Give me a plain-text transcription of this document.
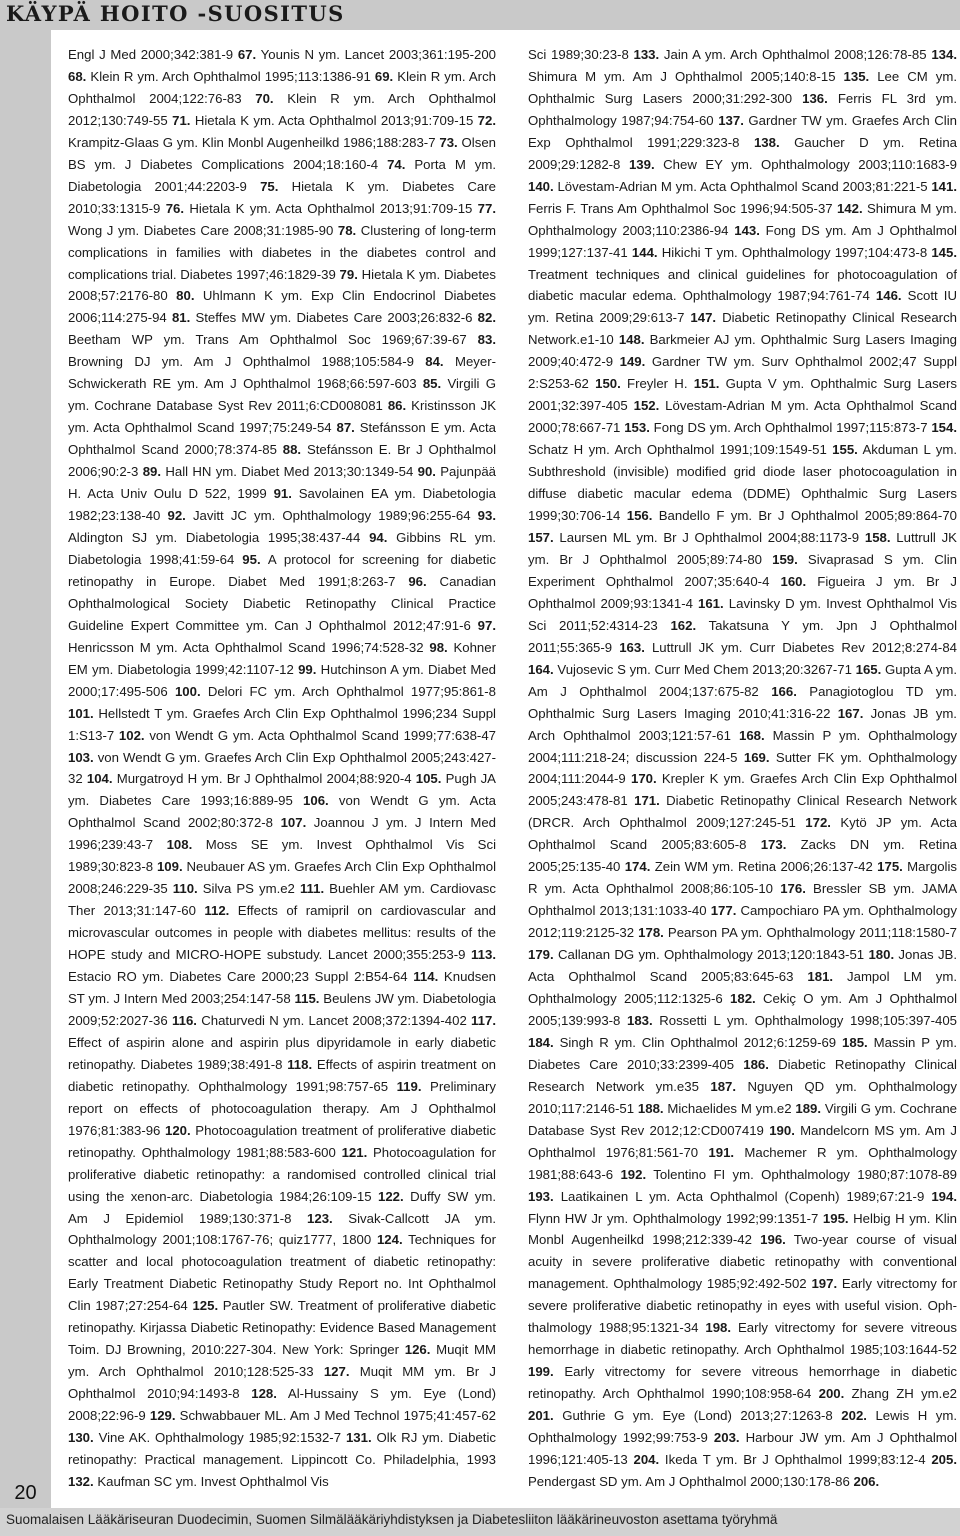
KÄYPÄ HOITO -SUOSITUS
20
Engl J Med 2000;342:381-9 67. Younis N ym. Lancet 2003;361:195-200 68. Klein R ym. Arch Ophthalmol 1995;113:1386-91 69. Klein R ym. Arch Ophthalmol 2004;122:76-83 70. Klein R ym. Arch Ophthalmol 2012;130:749-55 71. Hietala K ym. Acta Ophthalmol 2013;91:709-15 72. Krampitz-Glaas G ym. Klin Monbl Augenheilkd 1986;188:283-7 73. Olsen BS ym. J Diabetes Complications 2004;18:160-4 74. Porta M ym. Diabetologia 2001;44:2203-9 75. Hietala K ym. Diabetes Care 2010;33:1315-9 76. Hietala K ym. Acta Ophthalmol 2013;91:709-15 77. Wong J ym. Diabetes Care 2008;31:1985-90 78. Clustering of long-term complications in families with diabetes in the diabetes control and complications trial. Diabetes 1997;46:1829-39 79. Hietala K ym. Diabetes 2008;57:2176-80 80. Uhlmann K ym. Exp Clin Endocrinol Diabetes 2006;114:275-94 81. Steffes MW ym. Diabetes Care 2003;26:832-6 82. Beetham WP ym. Trans Am Ophthalmol Soc 1969;67:39-67 83. Browning DJ ym. Am J Ophthalmol 1988;105:584-9 84. Meyer-Schwickerath RE ym. Am J Ophthalmol 1968;66:597-603 85. Virgili G ym. Cochrane Database Syst Rev 2011;6:CD008081 86. Kristinsson JK ym. Acta Ophthalmol Scand 1997;75:249-54 87. Stefánsson E ym. Acta Ophthalmol Scand 2000;78:374-85 88. Stefánsson E. Br J Ophthalmol 2006;90:2-3 89. Hall HN ym. Diabet Med 2013;30:1349-54 90. Pajunpää H. Acta Univ Oulu D 522, 1999 91. Savolainen EA ym. Diabetologia 1982;23:138-40 92. Javitt JC ym. Ophthalmology 1989;96:255-64 93. Aldington SJ ym. Diabetologia 1995;38:437-44 94. Gibbins RL ym. Diabetologia 1998;41:59-64 95. A protocol for screening for diabetic retinopathy in Europe. Diabet Med 1991;8:263-7 96. Canadian Ophthalmological Society Diabetic Retinopathy Clinical Practice Guideline Expert Committee ym. Can J Ophthalmol 2012;47:91-6 97. Henricsson M ym. Acta Ophthalmol Scand 1996;74:528-32 98. Kohner EM ym. Diabetologia 1999;42:1107-12 99. Hutchinson A ym. Diabet Med 2000;17:495-506 100. Delori FC ym. Arch Ophthalmol 1977;95:861-8 101. Hellstedt T ym. Graefes Arch Clin Exp Ophthalmol 1996;234 Suppl 1:S13-7 102. von Wendt G ym. Acta Ophthalmol Scand 1999;77:638-47 103. von Wendt G ym. Graefes Arch Clin Exp Ophthalmol 2005;243:427-32 104. Murgatroyd H ym. Br J Ophthalmol 2004;88:920-4 105. Pugh JA ym. Diabetes Care 1993;16:889-95 106. von Wendt G ym. Acta Ophthalmol Scand 2002;80:372-8 107. Joannou J ym. J Intern Med 1996;239:43-7 108. Moss SE ym. Invest Ophthalmol Vis Sci 1989;30:823-8 109. Neubauer AS ym. Graefes Arch Clin Exp Ophthalmol 2008;246:229-35 110. Silva PS ym.e2 111. Buehler AM ym. Cardiovasc Ther 2013;31:147-60 112. Effects of ramipril on cardiovascular and microvascular outcomes in people with diabetes mellitus: results of the HOPE study and MICRO-HOPE substudy. Lancet 2000;355:253-9 113. Estacio RO ym. Diabetes Care 2000;23 Suppl 2:B54-64 114. Knudsen ST ym. J Intern Med 2003;254:147-58 115. Beulens JW ym. Diabetologia 2009;52:2027-36 116. Chaturvedi N ym. Lancet 2008;372:1394-402 117. Effect of aspirin alone and aspirin plus dipyridamole in early diabetic retinopathy. Diabetes 1989;38:491-8 118. Effects of aspirin treatment on diabetic retinopathy. Ophthalmology 1991;98:757-65 119. Preliminary report on effects of photocoagulation therapy. Am J Ophthalmol 1976;81:383-96 120. Photocoagulation treatment of proliferative diabetic retinopathy. Ophthalmology 1981;88:583-600 121. Photocoagulation for proliferative diabetic retinopathy: a randomised controlled clinical trial using the xenon-arc. Diabetologia 1984;26:109-15 122. Duffy SW ym. Am J Epidemiol 1989;130:371-8 123. Sivak-Callcott JA ym. Ophthalmology 2001;108:1767-76; quiz1777, 1800 124. Techniques for scatter and local photocoagulation treatment of diabetic retinopathy: Early Treatment Diabetic Retinopathy Study Report no. Int Ophthalmol Clin 1987;27:254-64 125. Pautler SW. Treatment of proliferative diabetic retinopathy. Kirjassa Diabetic Retinopathy: Evidence Based Management Toim. DJ Browning, 2010:227-304. New York: Springer 126. Muqit MM ym. Arch Ophthalmol 2010;128:525-33 127. Muqit MM ym. Br J Ophthalmol 2010;94:1493-8 128. Al-Hussainy S ym. Eye (Lond) 2008;22:96-9 129. Schwabbauer ML. Am J Med Technol 1975;41:457-62 130. Vine AK. Ophthalmology 1985;92:1532-7 131. Olk RJ ym. Diabetic retinopathy: Practical management. Lippincott Co. Philadelphia, 1993 132. Kaufman SC ym. Invest Ophthalmol Vis
Sci 1989;30:23-8 133. Jain A ym. Arch Ophthalmol 2008;126:78-85 134. Shimura M ym. Am J Ophthalmol 2005;140:8-15 135. Lee CM ym. Ophthalmic Surg Lasers 2000;31:292-300 136. Ferris FL 3rd ym. Ophthalmology 1987;94:754-60 137. Gardner TW ym. Graefes Arch Clin Exp Ophthalmol 1991;229:323-8 138. Gaucher D ym. Retina 2009;29:1282-8 139. Chew EY ym. Ophthalmology 2003;110:1683-9 140. Lövestam-Adrian M ym. Acta Ophthalmol Scand 2003;81:221-5 141. Ferris F. Trans Am Ophthalmol Soc 1996;94:505-37 142. Shimura M ym. Ophthalmology 2003;110:2386-94 143. Fong DS ym. Am J Ophthalmol 1999;127:137-41 144. Hikichi T ym. Ophthalmology 1997;104:473-8 145. Treatment techniques and clinical guidelines for photocoagulation of diabetic macular edema. Ophthalmology 1987;94:761-74 146. Scott IU ym. Retina 2009;29:613-7 147. Diabetic Retinopathy Clinical Research Network.e1-10 148. Barkmeier AJ ym. Ophthalmic Surg Lasers Imaging 2009;40:472-9 149. Gardner TW ym. Surv Ophthalmol 2002;47 Suppl 2:S253-62 150. Freyler H. 151. Gupta V ym. Ophthalmic Surg Lasers 2001;32:397-405 152. Lövestam-Adrian M ym. Acta Ophthalmol Scand 2000;78:667-71 153. Fong DS ym. Arch Ophthalmol 1997;115:873-7 154. Schatz H ym. Arch Ophthalmol 1991;109:1549-51 155. Akduman L ym. Subthreshold (invisible) modified grid diode laser photocoagulation in diffuse diabetic macular edema (DDME) Ophthalmic Surg Lasers 1999;30:706-14 156. Bandello F ym. Br J Ophthalmol 2005;89:864-70 157. Laursen ML ym. Br J Ophthalmol 2004;88:1173-9 158. Luttrull JK ym. Br J Ophthalmol 2005;89:74-80 159. Sivaprasad S ym. Clin Experiment Ophthalmol 2007;35:640-4 160. Figueira J ym. Br J Ophthalmol 2009;93:1341-4 161. Lavinsky D ym. Invest Ophthalmol Vis Sci 2011;52:4314-23 162. Takatsuna Y ym. Jpn J Ophthalmol 2011;55:365-9 163. Luttrull JK ym. Curr Diabetes Rev 2012;8:274-84 164. Vujosevic S ym. Curr Med Chem 2013;20:3267-71 165. Gupta A ym. Am J Ophthalmol 2004;137:675-82 166. Panagiotoglou TD ym. Ophthalmic Surg Lasers Imaging 2010;41:316-22 167. Jonas JB ym. Arch Ophthalmol 2003;121:57-61 168. Massin P ym. Ophthalmology 2004;111:218-24; discussion 224-5 169. Sutter FK ym. Ophthalmology 2004;111:2044-9 170. Krepler K ym. Graefes Arch Clin Exp Ophthalmol 2005;243:478-81 171. Diabetic Retinopathy Clinical Research Network (DRCR. Arch Ophthalmol 2009;127:245-51 172. Kytö JP ym. Acta Ophthalmol Scand 2005;83:605-8 173. Zacks DN ym. Retina 2005;25:135-40 174. Zein WM ym. Retina 2006;26:137-42 175. Margolis R ym. Acta Ophthalmol 2008;86:105-10 176. Bressler SB ym. JAMA Ophthalmol 2013;131:1033-40 177. Campochiaro PA ym. Ophthalmology 2012;119:2125-32 178. Pearson PA ym. Ophthalmology 2011;118:1580-7 179. Callanan DG ym. Ophthalmology 2013;120:1843-51 180. Jonas JB. Acta Ophthalmol Scand 2005;83:645-63 181. Jampol LM ym. Ophthalmology 2005;112:1325-6 182. Cekiç O ym. Am J Ophthalmol 2005;139:993-8 183. Rossetti L ym. Ophthalmology 1998;105:397-405 184. Singh R ym. Clin Ophthalmol 2012;6:1259-69 185. Massin P ym. Diabetes Care 2010;33:2399-405 186. Diabetic Retinopathy Clinical Research Network ym.e35 187. Nguyen QD ym. Ophthalmology 2010;117:2146-51 188. Michaelides M ym.e2 189. Virgili G ym. Cochrane Database Syst Rev 2012;12:CD007419 190. Mandelcorn MS ym. Am J Ophthalmol 1976;81:561-70 191. Machemer R ym. Ophthalmology 1981;88:643-6 192. Tolentino FI ym. Ophthalmology 1980;87:1078-89 193. Laatikainen L ym. Acta Ophthalmol (Copenh) 1989;67:21-9 194. Flynn HW Jr ym. Ophthalmology 1992;99:1351-7 195. Helbig H ym. Klin Monbl Augenheilkd 1998;212:339-42 196. Two-year course of visual acuity in severe proliferative diabetic retinopathy with conventional management. Ophthalmology 1985;92:492-502 197. Early vitrectomy for severe proliferative diabetic retinopathy in eyes with useful vision. Ophthalmology 1988;95:1321-34 198. Early vitrectomy for severe vitreous hemorrhage in diabetic retinopathy. Arch Ophthalmol 1985;103:1644-52 199. Early vitrectomy for severe vitreous hemorrhage in diabetic retinopathy. Arch Ophthalmol 1990;108:958-64 200. Zhang ZH ym.e2 201. Guthrie G ym. Eye (Lond) 2013;27:1263-8 202. Lewis H ym. Ophthalmology 1992;99:753-9 203. Harbour JW ym. Am J Ophthalmol 1996;121:405-13 204. Ikeda T ym. Br J Ophthalmol 1999;83:12-4 205. Pendergast SD ym. Am J Ophthalmol 2000;130:178-86 206.
Suomalaisen Lääkäriseuran Duodecimin, Suomen Silmälääkäriyhdistyksen ja Diabetesliiton lääkärineuvoston asettama työryhmä
